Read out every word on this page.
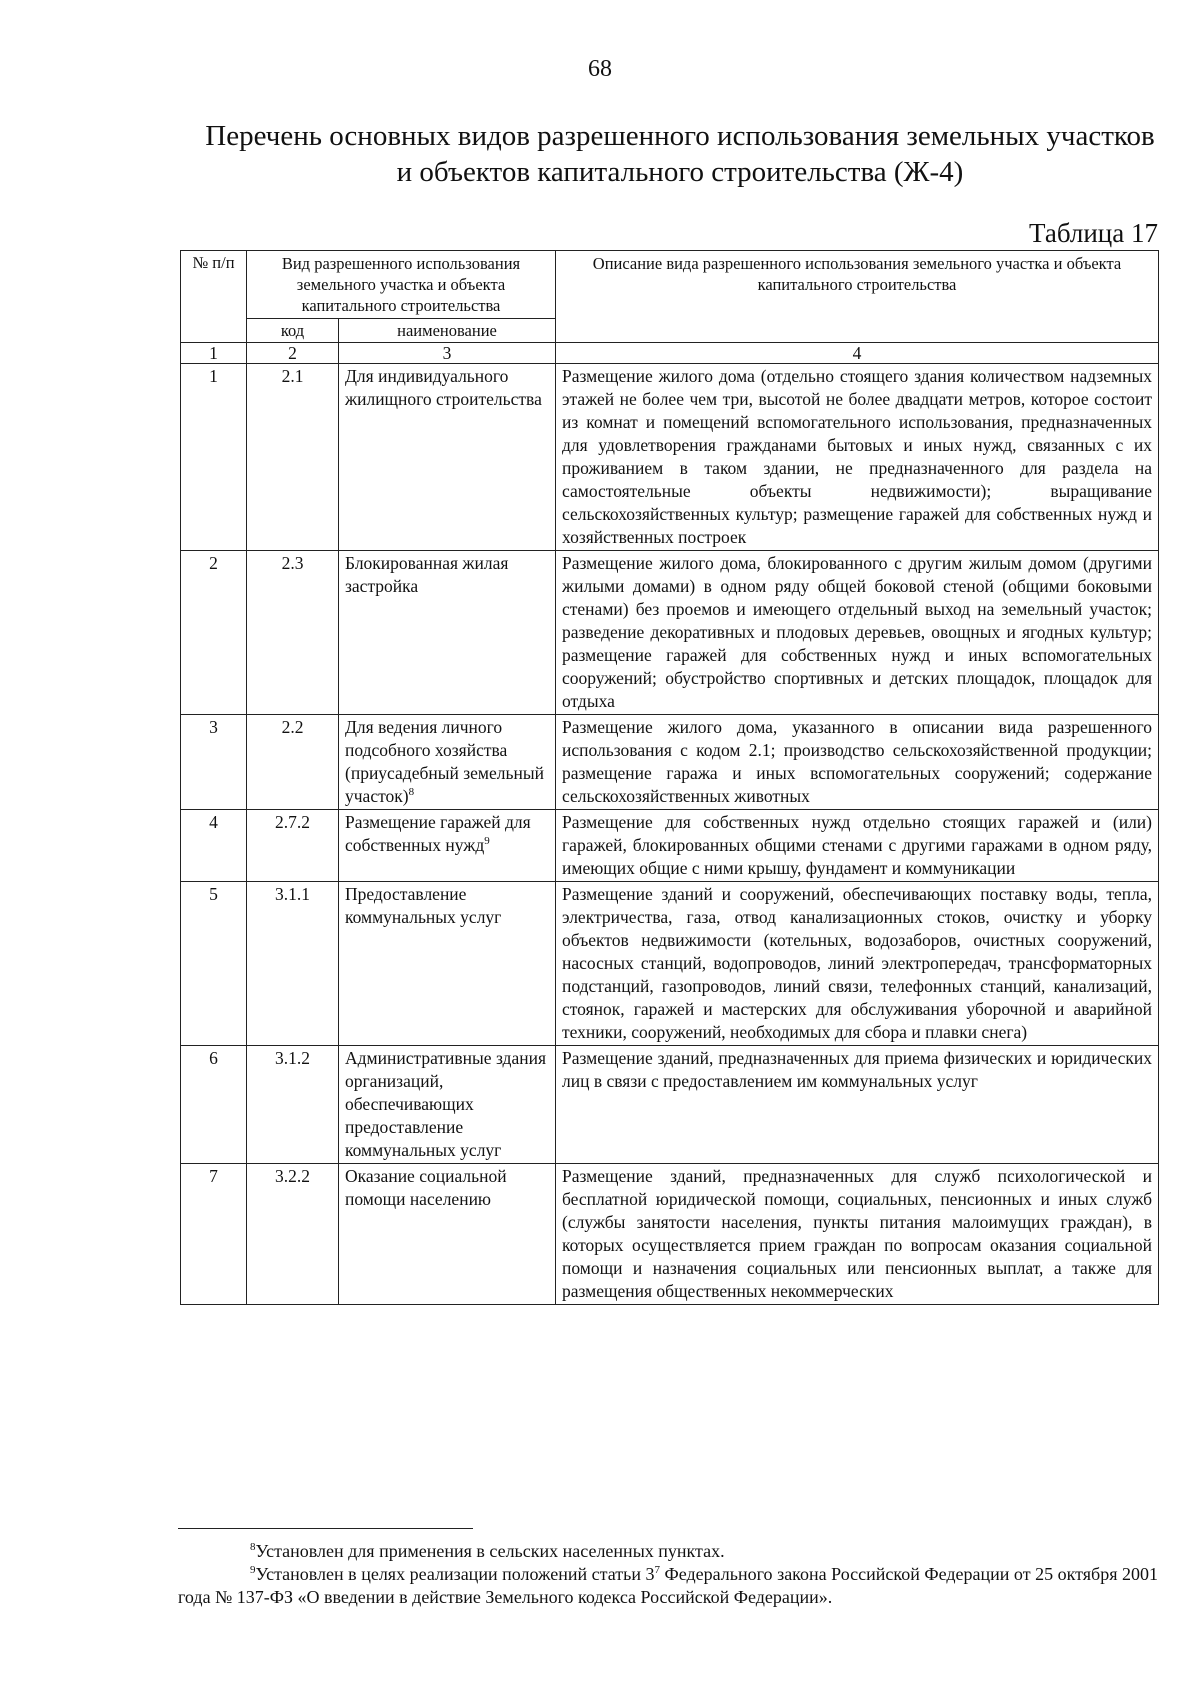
68
Перечень основных видов разрешенного использования земельных участков
и объектов капитального строительства (Ж-4)
Таблица 17
№ п/п	Вид разрешенного использования земельного участка и объекта капитального строительства		Описание вида разрешенного использования земельного участка и объекта капитального строительства
	код	наименование	
1	2	3	4
1	2.1	Для индивидуального жилищного строительства	Размещение жилого дома (отдельно стоящего здания количеством надземных этажей не более чем три, высотой не более двадцати метров, которое состоит из комнат и помещений вспомогательного использования, предназначенных для удовлетворения гражданами бытовых и иных нужд, связанных с их проживанием в таком здании, не предназначенного для раздела на самостоятельные объекты недвижимости); выращивание сельскохозяйственных культур; размещение гаражей для собственных нужд и хозяйственных построек
2	2.3	Блокированная жилая застройка	Размещение жилого дома, блокированного с другим жилым домом (другими жилыми домами) в одном ряду общей боковой стеной (общими боковыми стенами) без проемов и имеющего отдельный выход на земельный участок; разведение декоративных и плодовых деревьев, овощных и ягодных культур; размещение гаражей для собственных нужд и иных вспомогательных сооружений; обустройство спортивных и детских площадок, площадок для отдыха
3	2.2	Для ведения личного подсобного хозяйства (приусадебный земельный участок)$^8$	Размещение жилого дома, указанного в описании вида разрешенного использования с кодом 2.1; производство сельскохозяйственной продукции; размещение гаража и иных вспомогательных сооружений; содержание сельскохозяйственных животных
4	2.7.2	Размещение гаражей для собственных нужд$^9$	Размещение для собственных нужд отдельно стоящих гаражей и (или) гаражей, блокированных общими стенами с другими гаражами в одном ряду, имеющих общие с ними крышу, фундамент и коммуникации
5	3.1.1	Предоставление коммунальных услуг	Размещение зданий и сооружений, обеспечивающих поставку воды, тепла, электричества, газа, отвод канализационных стоков, очистку и уборку объектов недвижимости (котельных, водозаборов, очистных сооружений, насосных станций, водопроводов, линий электропередач, трансформаторных подстанций, газопроводов, линий связи, телефонных станций, канализаций, стоянок, гаражей и мастерских для обслуживания уборочной и аварийной техники, сооружений, необходимых для сбора и плавки снега)
6	3.1.2	Административные здания организаций, обеспечивающих предоставление коммунальных услуг	Размещение зданий, предназначенных для приема физических и юридических лиц в связи с предоставлением им коммунальных услуг
7	3.2.2	Оказание социальной помощи населению	Размещение зданий, предназначенных для служб психологической и бесплатной юридической помощи, социальных, пенсионных и иных служб (службы занятости населения, пункты питания малоимущих граждан), в которых осуществляется прием граждан по вопросам оказания социальной помощи и назначения социальных или пенсионных выплат, а также для размещения общественных некоммерческих
$^8$Установлен для применения в сельских населенных пунктах.
$^9$Установлен в целях реализации положений статьи $3^7$ Федерального закона Российской Федерации от 25 октября 2001 года № 137-ФЗ «О введении в действие Земельного кодекса Российской Федерации».
